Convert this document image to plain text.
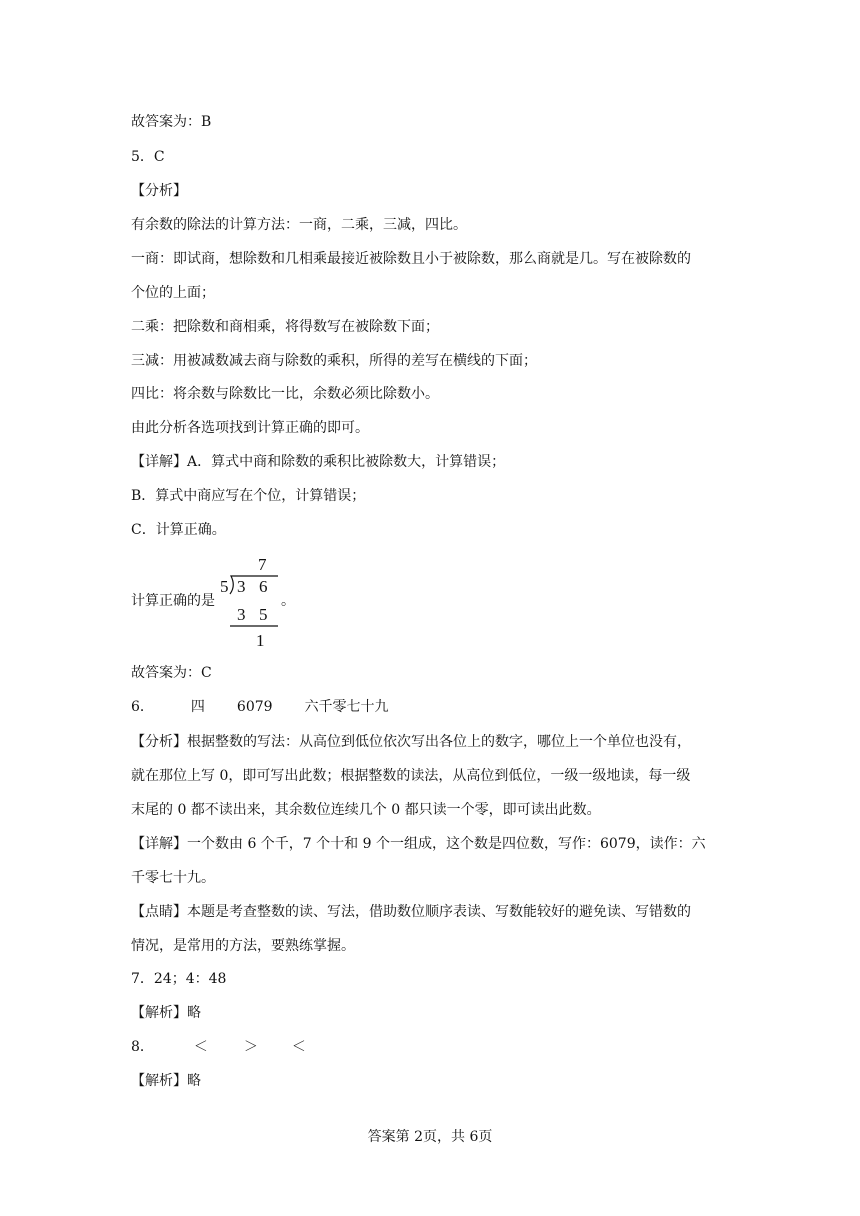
故答案为：B
5．C
【分析】
有余数的除法的计算方法：一商，二乘，三减，四比。
一商：即试商，想除数和几相乘最接近被除数且小于被除数，那么商就是几。写在被除数的
个位的上面；
二乘：把除数和商相乘，将得数写在被除数下面；
三减：用被减数减去商与除数的乘积，所得的差写在横线的下面；
四比：将余数与除数比一比，余数必须比除数小。
由此分析各选项找到计算正确的即可。
【详解】A．算式中商和除数的乘积比被除数大，计算错误；
B．算式中商应写在个位，计算错误；
C．计算正确。
计算正确的是	。
7
5 3 6
3 5
1
故答案为：C
6．	四 6079 六千零七十九
【分析】根据整数的写法：从高位到低位依次写出各位上的数字，哪位上一个单位也没有，
就在那位上写 0，即可写出此数；根据整数的读法，从高位到低位，一级一级地读，每一级
末尾的 0 都不读出来，其余数位连续几个 0 都只读一个零，即可读出此数。
【详解】一个数由 6 个千，7 个十和 9 个一组成，这个数是四位数，写作：6079，读作：六
千零七十九。
【点睛】本题是考查整数的读、写法，借助数位顺序表读、写数能较好的避免读、写错数的
情况，是常用的方法，要熟练掌握。
7．24；4：48
【解析】略
8．	＜	＞ ＜
【解析】略
答案第 2页，共 6页
